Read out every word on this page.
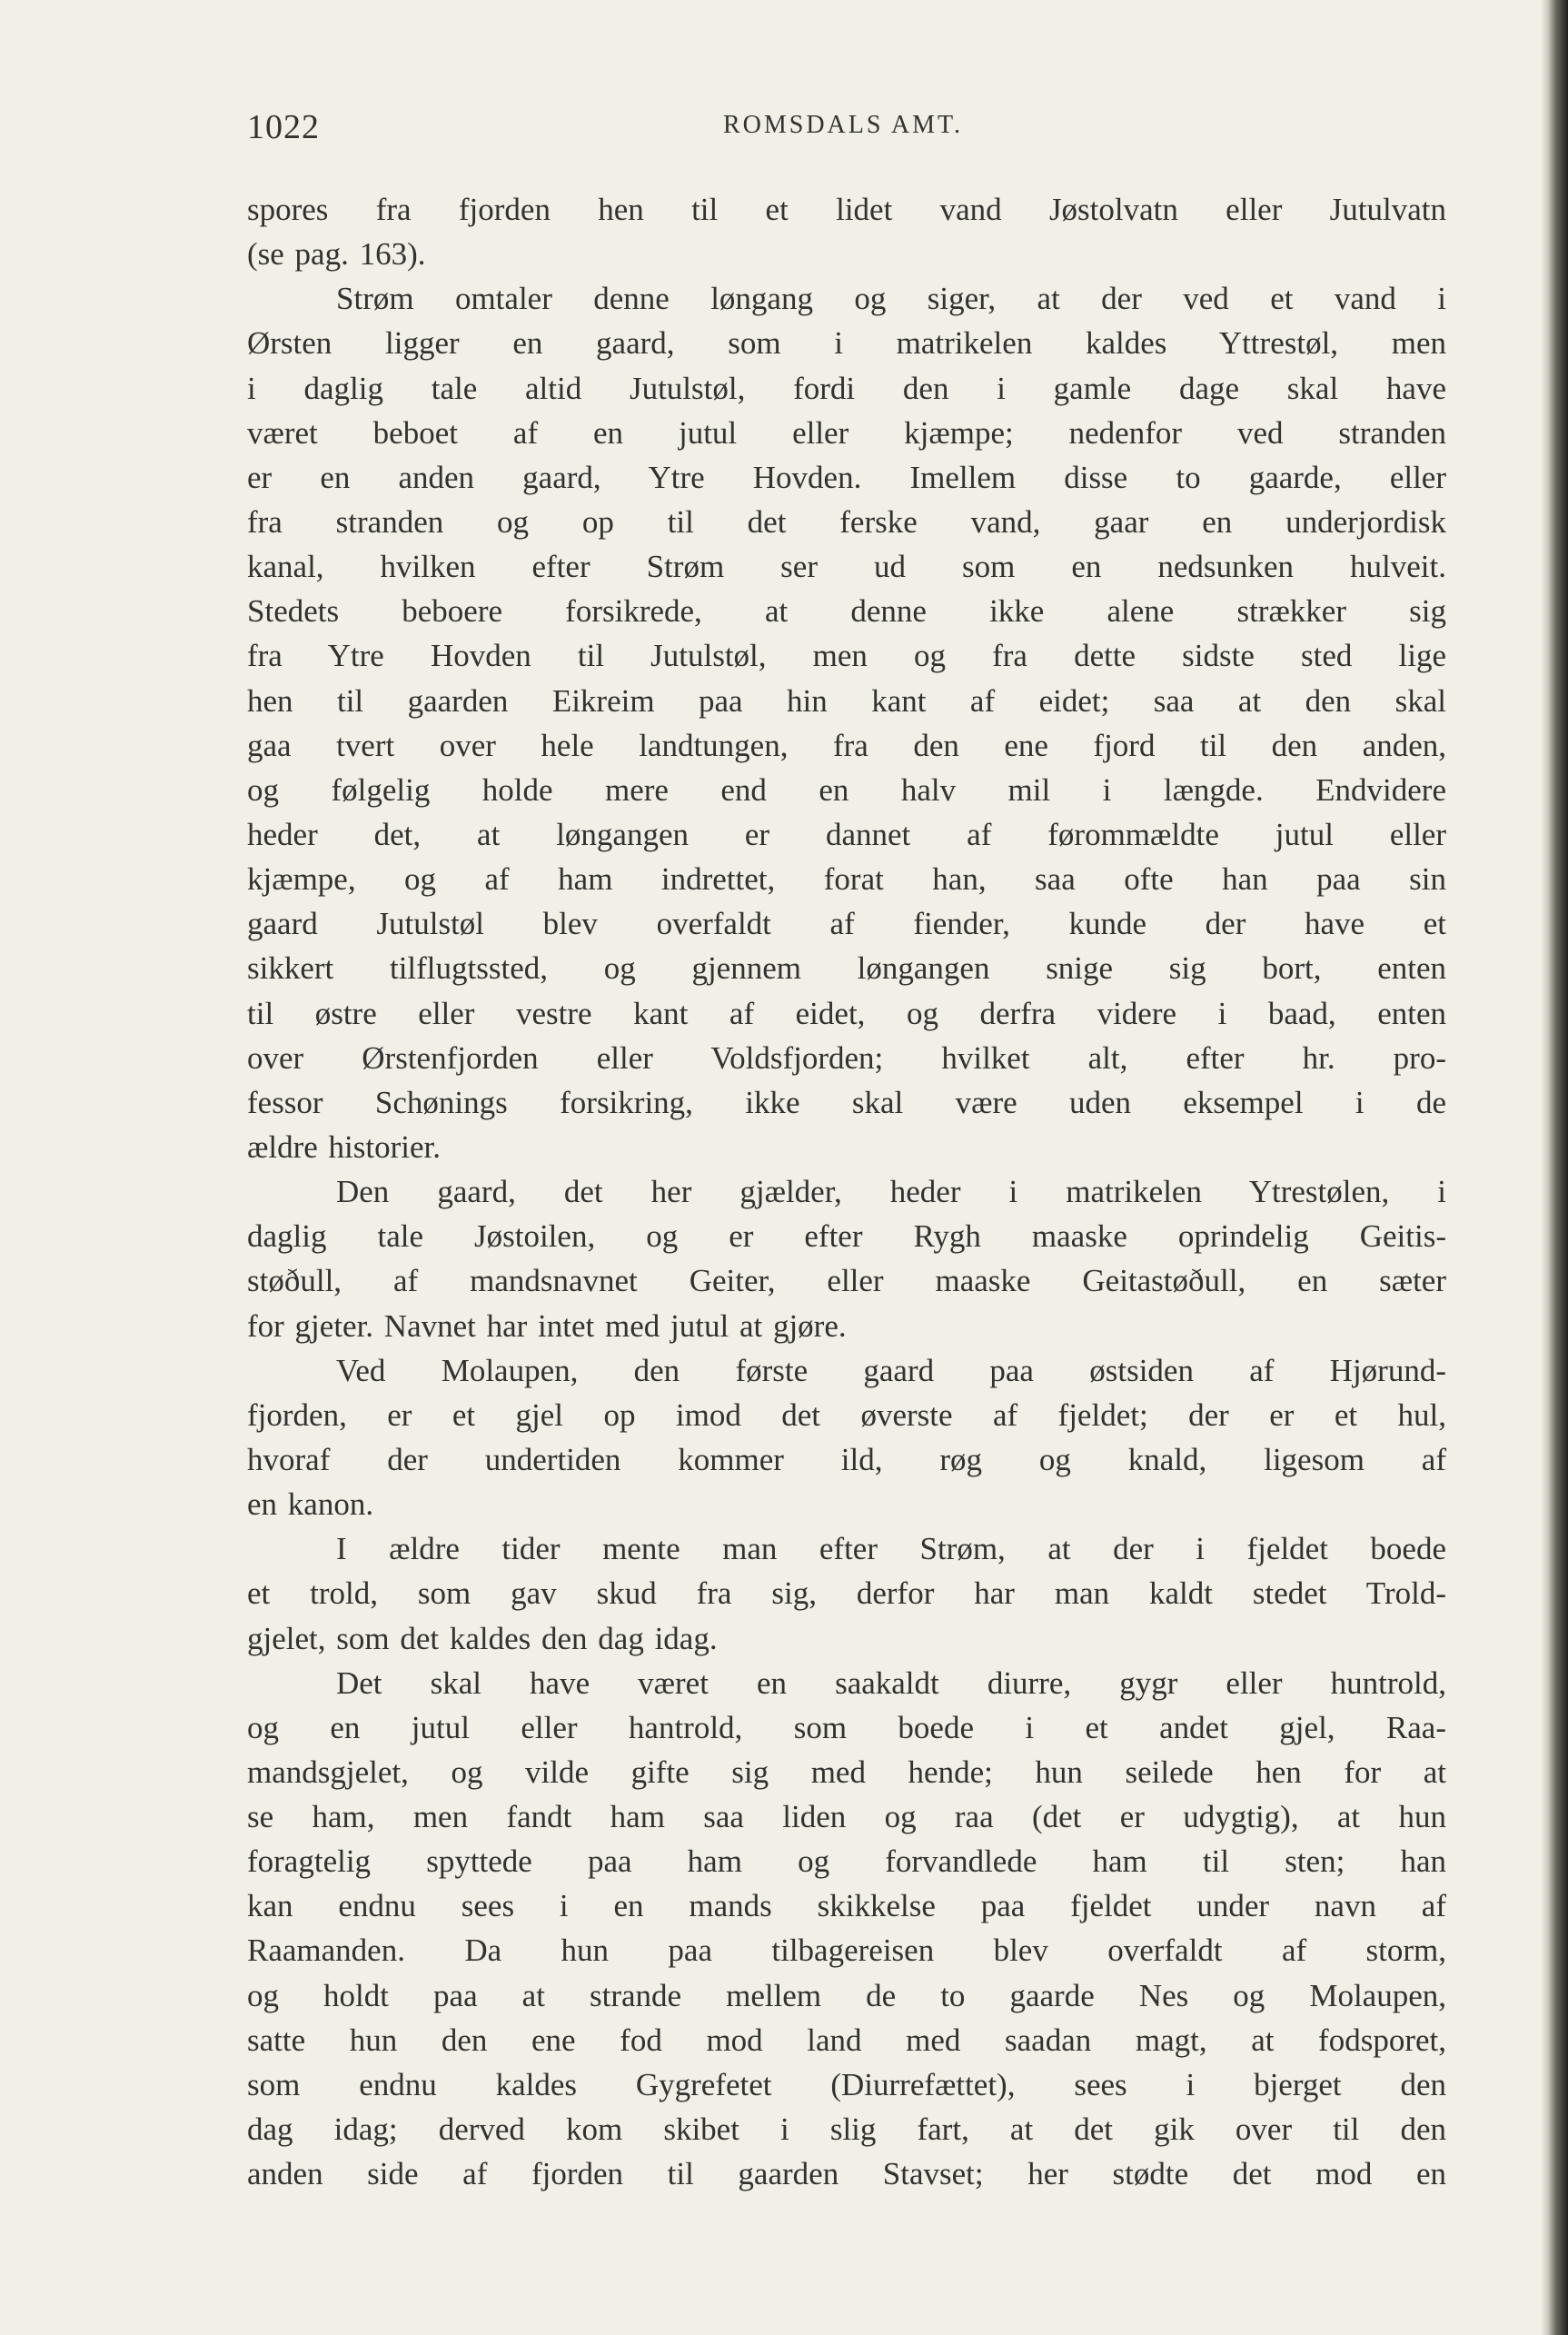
1022	ROMSDALS AMT.
spores fra fjorden hen til et lidet vand Jøstolvatn eller Jutulvatn
(se pag. 163).
Strøm omtaler denne løngang og siger, at der ved et vand i
Ørsten ligger en gaard, som i matrikelen kaldes Yttrestøl, men
i daglig tale altid Jutulstøl, fordi den i gamle dage skal have
været beboet af en jutul eller kjæmpe; nedenfor ved stranden
er en anden gaard, Ytre Hovden. Imellem disse to gaarde, eller
fra stranden og op til det ferske vand, gaar en underjordisk
kanal, hvilken efter Strøm ser ud som en nedsunken hulveit.
Stedets beboere forsikrede, at denne ikke alene strækker sig
fra Ytre Hovden til Jutulstøl, men og fra dette sidste sted lige
hen til gaarden Eikreim paa hin kant af eidet; saa at den skal
gaa tvert over hele landtungen, fra den ene fjord til den anden,
og følgelig holde mere end en halv mil i længde. Endvidere
heder det, at løngangen er dannet af førommældte jutul eller
kjæmpe, og af ham indrettet, forat han, saa ofte han paa sin
gaard Jutulstøl blev overfaldt af fiender, kunde der have et
sikkert tilflugtssted, og gjennem løngangen snige sig bort, enten
til østre eller vestre kant af eidet, og derfra videre i baad, enten
over Ørstenfjorden eller Voldsfjorden; hvilket alt, efter hr. pro-
fessor Schønings forsikring, ikke skal være uden eksempel i de
ældre historier.
Den gaard, det her gjælder, heder i matrikelen Ytrestølen, i
daglig tale Jøstoilen, og er efter Rygh maaske oprindelig Geitis-
støðull, af mandsnavnet Geiter, eller maaske Geitastøðull, en sæter
for gjeter. Navnet har intet med jutul at gjøre.
Ved Molaupen, den første gaard paa østsiden af Hjørund-
fjorden, er et gjel op imod det øverste af fjeldet; der er et hul,
hvoraf der undertiden kommer ild, røg og knald, ligesom af
en kanon.
I ældre tider mente man efter Strøm, at der i fjeldet boede
et trold, som gav skud fra sig, derfor har man kaldt stedet Trold-
gjelet, som det kaldes den dag idag.
Det skal have været en saakaldt diurre, gygr eller huntrold,
og en jutul eller hantrold, som boede i et andet gjel, Raa-
mandsgjelet, og vilde gifte sig med hende; hun seilede hen for at
se ham, men fandt ham saa liden og raa (det er udygtig), at hun
foragtelig spyttede paa ham og forvandlede ham til sten; han
kan endnu sees i en mands skikkelse paa fjeldet under navn af
Raamanden. Da hun paa tilbagereisen blev overfaldt af storm,
og holdt paa at strande mellem de to gaarde Nes og Molaupen,
satte hun den ene fod mod land med saadan magt, at fodsporet,
som endnu kaldes Gygrefetet (Diurrefættet), sees i bjerget den
dag idag; derved kom skibet i slig fart, at det gik over til den
anden side af fjorden til gaarden Stavset; her stødte det mod en
